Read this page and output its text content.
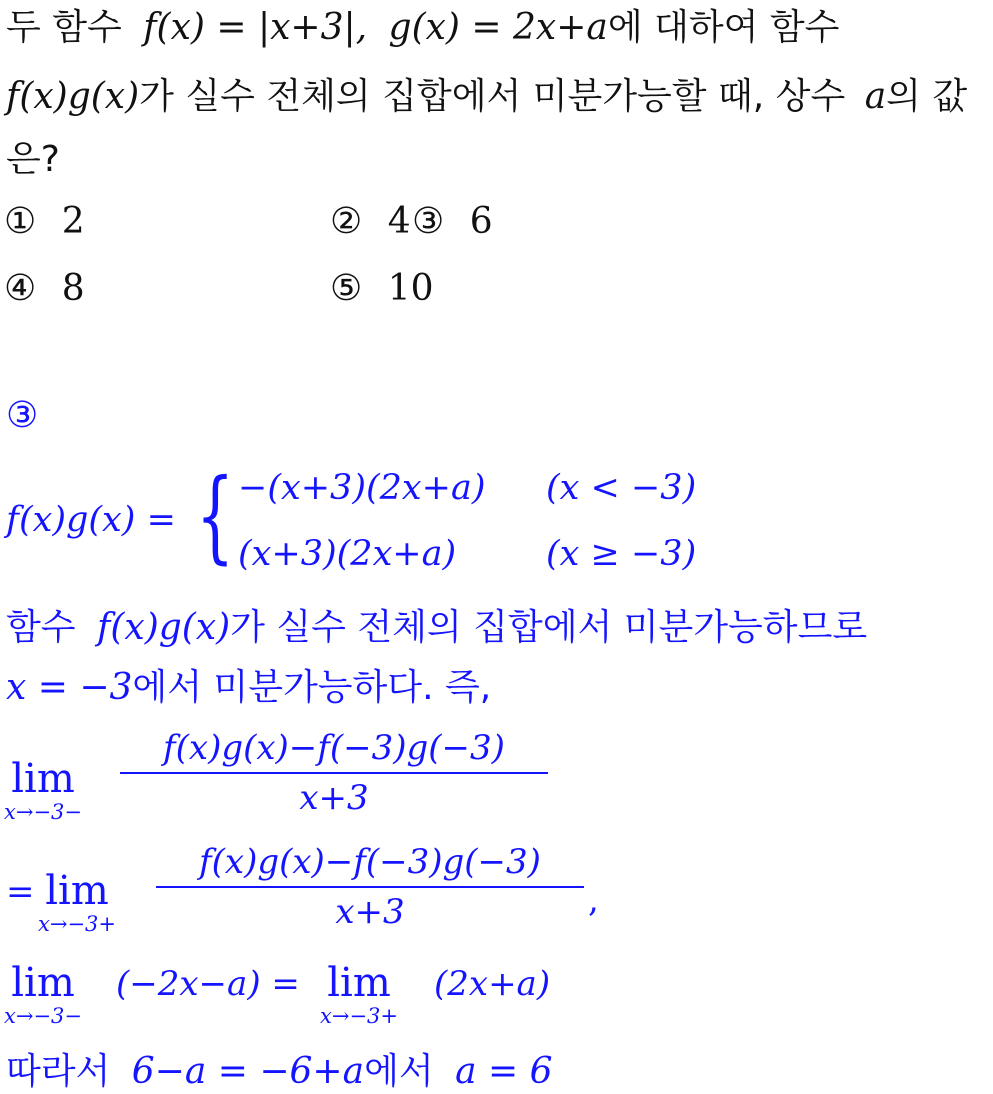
두 함수 f(x) = |x+3|, g(x) = 2x+a에 대하여 함수
f(x)g(x)가 실수 전체의 집합에서 미분가능할 때, 상수 a의 값
은?
① 2	② 4 ③ 6
④ 8	⑤ 10
③
f(x)g(x) = { −(x+3)(2x+a) (x < −3)
(x+3)(2x+a)	(x ≥ −3)
함수 f(x)g(x)가 실수 전체의 집합에서 미분가능하므로
x = −3에서 미분가능하다. 즉,
lim
x→−3−
f(x)g(x)−f(−3)g(−3)
x+3
= lim
x→−3+
f(x)g(x)−f(−3)g(−3)
x+3	,
lim
x→−3−
(−2x−a) = lim
x→−3+
(2x+a)
따라서 6−a = −6+a에서 a = 6
